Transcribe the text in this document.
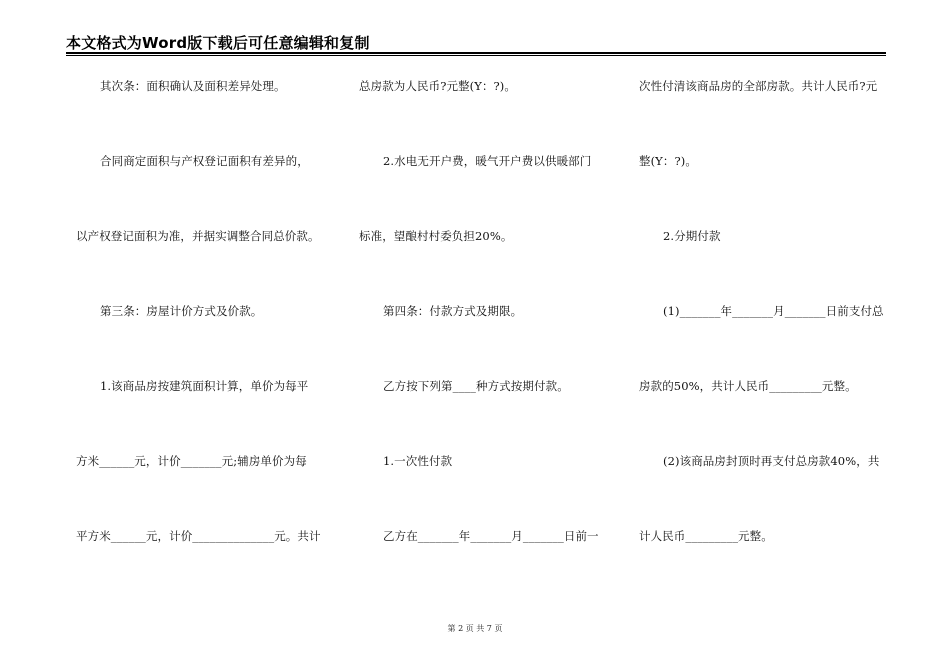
本文格式为Word版下载后可任意编辑和复制
其次条：面积确认及面积差异处理。
合同商定面积与产权登记面积有差异的，
以产权登记面积为准，并据实调整合同总价款。
第三条：房屋计价方式及价款。
1.该商品房按建筑面积计算，单价为每平
方米______元，计价_______元;辅房单价为每
平方米______元，计价______________元。共计
总房款为人民币?元整(Y：?)。
2.水电无开户费，暖气开户费以供暖部门
标准，望酿村村委负担20%。
第四条：付款方式及期限。
乙方按下列第____种方式按期付款。
1.一次性付款
乙方在_______年_______月_______日前一
次性付清该商品房的全部房款。共计人民币?元
整(Y：?)。
2.分期付款
(1)_______年_______月_______日前支付总
房款的50%，共计人民币_________元整。
(2)该商品房封顶时再支付总房款40%，共
计人民币_________元整。
第 2 页 共 7 页
